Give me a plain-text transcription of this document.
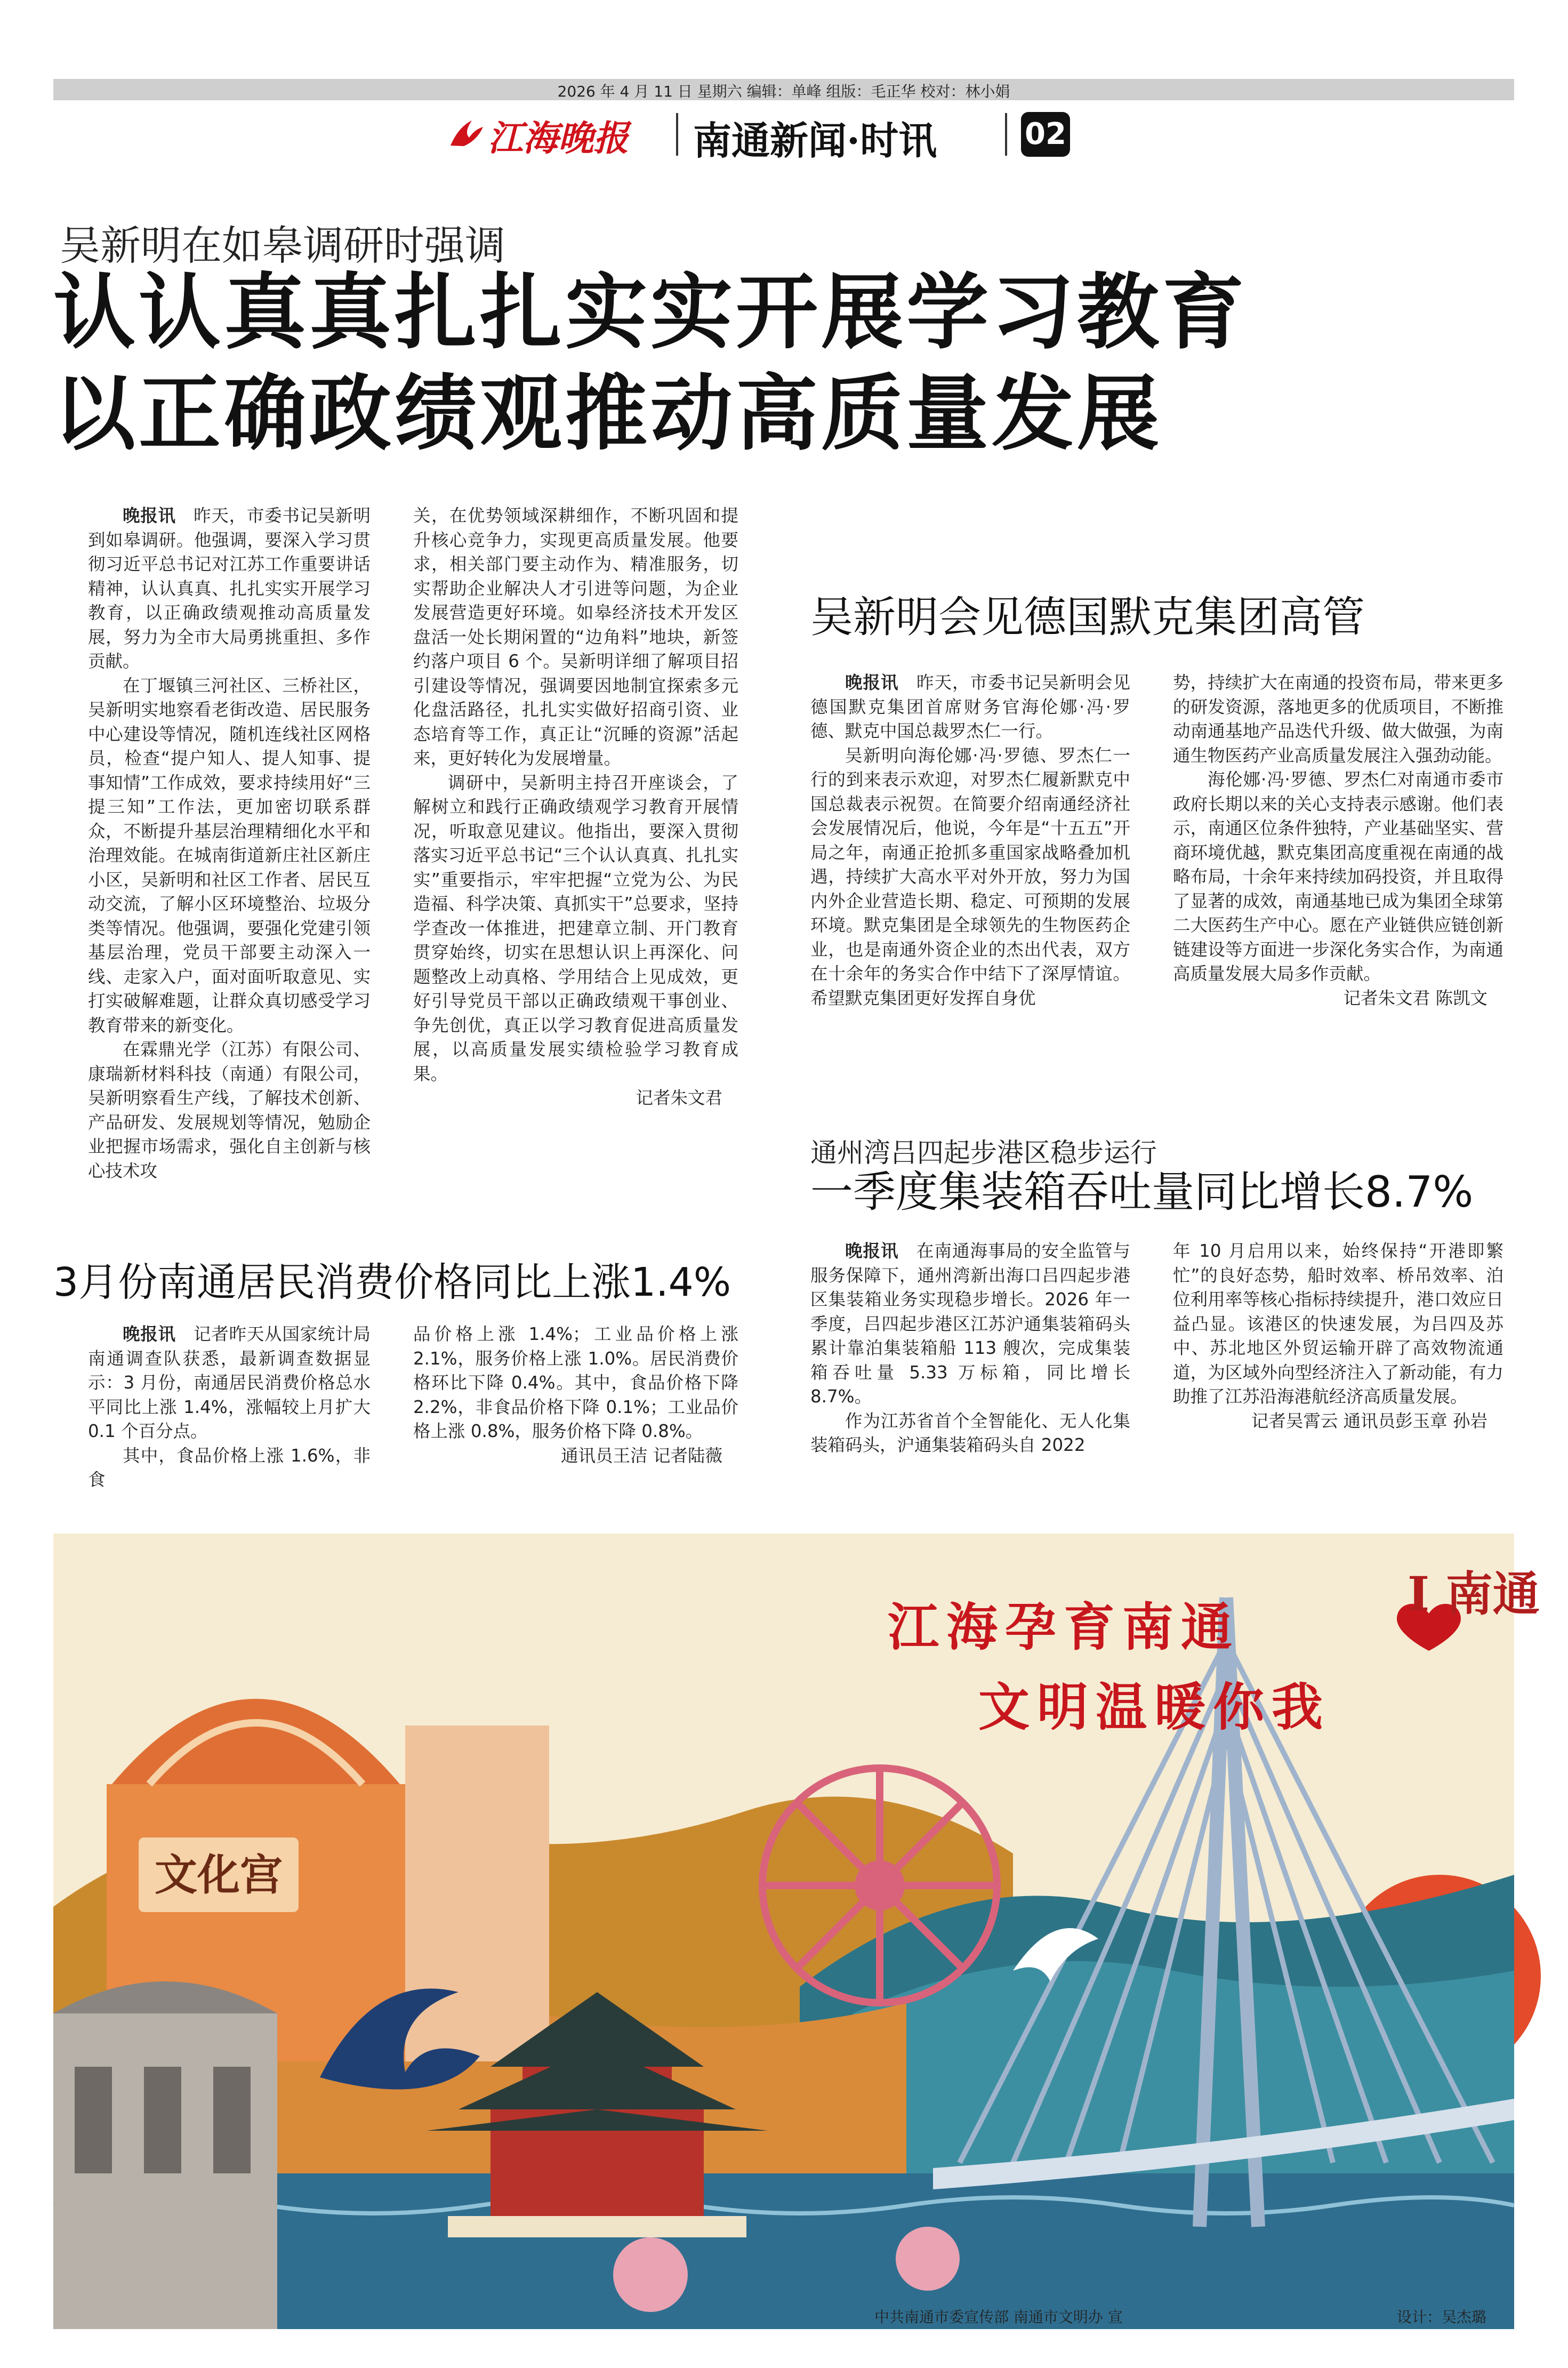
2026 年 4 月 11 日 星期六 编辑：单峰 组版：毛正华 校对：林小娟
江海晚报 南通新闻·时讯	02
吴新明在如皋调研时强调
认认真真扎扎实实开展学习教育
以正确政绩观推动高质量发展

晚报讯　 昨天，市委书记吴新明到如皋调研。他强调，要深入学习贯彻习近平总书记对江苏工作重要讲话精神，认认真真、扎扎实实开展学习教育，以正确政绩观推动高质量发展，努力为全市大局勇挑重担、多作贡献。

在丁堰镇三河社区、三桥社区，吴新明实地察看老街改造、居民服务中心建设等情况，随机连线社区网格员，检查“提户知人、提人知事、提事知情”工作成效，要求持续用好“三提三知”工作法，更加密切联系群众，不断提升基层治理精细化水平和治理效能。在城南街道新庄社区新庄小区，吴新明和社区工作者、居民互动交流，了解小区环境整治、垃圾分类等情况。他强调，要强化党建引领基层治理，党员干部要主动深入一线、走家入户，面对面听取意见、实打实破解难题，让群众真切感受学习教育带来的新变化。

在霖鼎光学（江苏）有限公司、康瑞新材料科技（南通）有限公司，吴新明察看生产线，了解技术创新、产品研发、发展规划等情况，勉励企业把握市场需求，强化自主创新与核心技术攻

关，在优势领域深耕细作，不断巩固和提升核心竞争力，实现更高质量发展。他要求，相关部门要主动作为、精准服务，切实帮助企业解决人才引进等问题，为企业发展营造更好环境。如皋经济技术开发区盘活一处长期闲置的“边角料”地块，新签约落户项目 6 个。吴新明详细了解项目招引建设等情况，强调要因地制宜探索多元化盘活路径，扎扎实实做好招商引资、业态培育等工作，真正让“沉睡的资源”活起来，更好转化为发展增量。

调研中，吴新明主持召开座谈会，了解树立和践行正确政绩观学习教育开展情况，听取意见建议。他指出，要深入贯彻落实习近平总书记“三个认认真真、扎扎实实”重要指示，牢牢把握“立党为公、为民造福、科学决策、真抓实干”总要求，坚持学查改一体推进，把建章立制、开门教育贯穿始终，切实在思想认识上再深化、问题整改上动真格、学用结合上见成效，更好引导党员干部以正确政绩观干事创业、争先创优，真正以学习教育促进高质量发展，以高质量发展实绩检验学习教育成果。

记者朱文君
3月份南通居民消费价格同比上涨1.4%

晚报讯　 记者昨天从国家统计局南通调查队获悉，最新调查数据显示：3 月份，南通居民消费价格总水平同比上涨 1.4%，涨幅较上月扩大 0.1 个百分点。

其中，食品价格上涨 1.6%，非食

品价格上涨 1.4%；工业品价格上涨 2.1%，服务价格上涨 1.0%。居民消费价格环比下降 0.4%。其中，食品价格下降 2.2%，非食品价格下降 0.1%；工业品价格上涨 0.8%，服务价格下降 0.8%。

通讯员王洁 记者陆薇
吴新明会见德国默克集团高管

晚报讯　 昨天，市委书记吴新明会见德国默克集团首席财务官海伦娜·冯·罗德、默克中国总裁罗杰仁一行。

吴新明向海伦娜·冯·罗德、罗杰仁一行的到来表示欢迎，对罗杰仁履新默克中国总裁表示祝贺。在简要介绍南通经济社会发展情况后，他说，今年是“十五五”开局之年，南通正抢抓多重国家战略叠加机遇，持续扩大高水平对外开放，努力为国内外企业营造长期、稳定、可预期的发展环境。默克集团是全球领先的生物医药企业，也是南通外资企业的杰出代表，双方在十余年的务实合作中结下了深厚情谊。希望默克集团更好发挥自身优

势，持续扩大在南通的投资布局，带来更多的研发资源，落地更多的优质项目，不断推动南通基地产品迭代升级、做大做强，为南通生物医药产业高质量发展注入强劲动能。

海伦娜·冯·罗德、罗杰仁对南通市委市政府长期以来的关心支持表示感谢。他们表示，南通区位条件独特，产业基础坚实、营商环境优越，默克集团高度重视在南通的战略布局，十余年来持续加码投资，并且取得了显著的成效，南通基地已成为集团全球第二大医药生产中心。愿在产业链供应链创新链建设等方面进一步深化务实合作，为南通高质量发展大局多作贡献。

记者朱文君 陈凯文
通州湾吕四起步港区稳步运行
一季度集装箱吞吐量同比增长8.7%

晚报讯　 在南通海事局的安全监管与服务保障下，通州湾新出海口吕四起步港区集装箱业务实现稳步增长。2026 年一季度，吕四起步港区江苏沪通集装箱码头累计靠泊集装箱船 113 艘次，完成集装箱吞吐量 5.33 万标箱，同比增长 8.7%。

作为江苏省首个全智能化、无人化集装箱码头，沪通集装箱码头自 2022

年 10 月启用以来，始终保持“开港即繁忙”的良好态势，船时效率、桥吊效率、泊位利用率等核心指标持续提升，港口效应日益凸显。该港区的快速发展，为吕四及苏中、苏北地区外贸运输开辟了高效物流通道，为区域外向型经济注入了新动能，有力助推了江苏沿海港航经济高质量发展。

记者吴霄云 通讯员彭玉章 孙岩
文化宫
I 南通
江海孕育南通
文明温暖你我
中共南通市委宣传部 南通市文明办 宣	设计：吴杰璐
